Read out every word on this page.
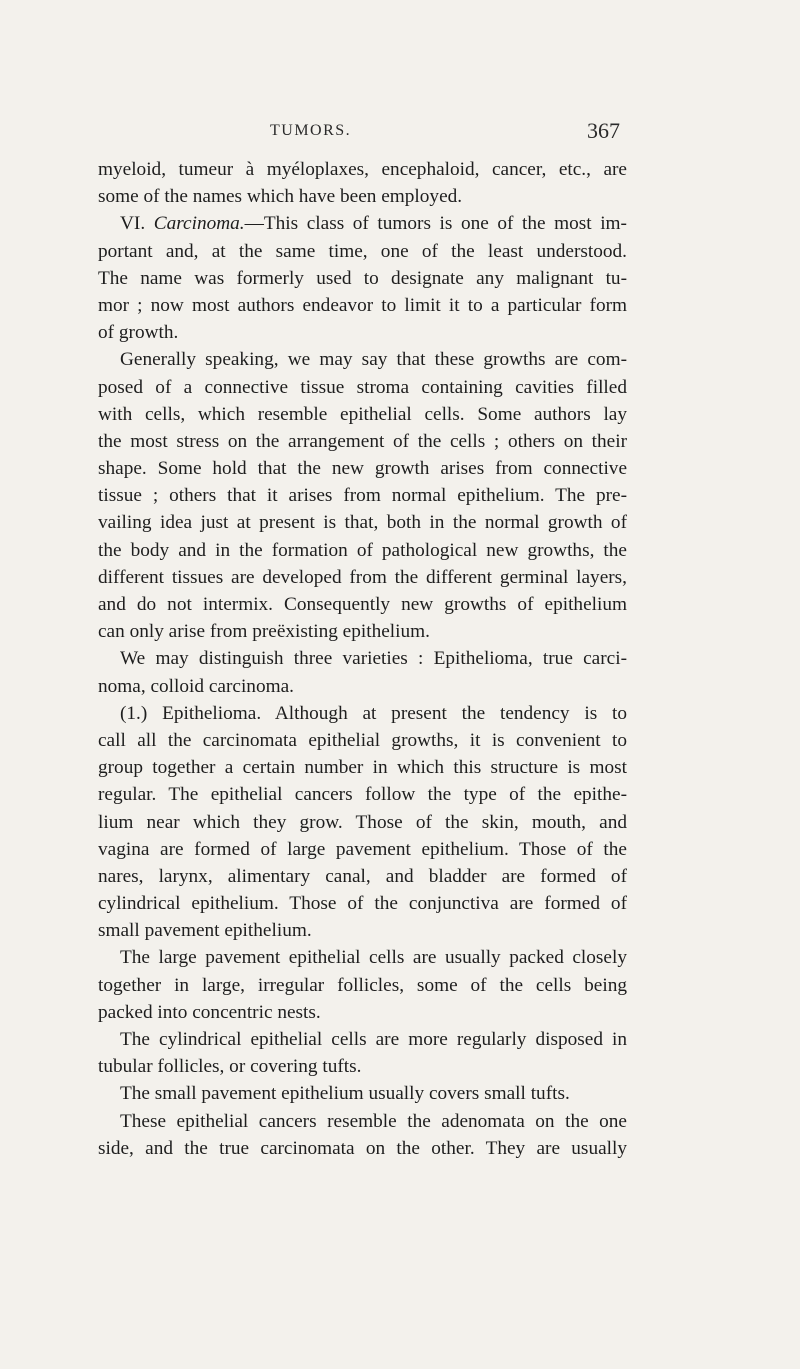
TUMORS.	367
myeloid, tumeur à myéloplaxes, encephaloid, cancer, etc., are
some of the names which have been employed.
VI. Carcinoma.—This class of tumors is one of the most im-
portant and, at the same time, one of the least understood.
The name was formerly used to designate any malignant tu-
mor ; now most authors endeavor to limit it to a particular form
of growth.
Generally speaking, we may say that these growths are com-
posed of a connective tissue stroma containing cavities filled
with cells, which resemble epithelial cells. Some authors lay
the most stress on the arrangement of the cells ; others on their
shape. Some hold that the new growth arises from connective
tissue ; others that it arises from normal epithelium. The pre-
vailing idea just at present is that, both in the normal growth of
the body and in the formation of pathological new growths, the
different tissues are developed from the different germinal layers,
and do not intermix. Consequently new growths of epithelium
can only arise from preëxisting epithelium.
We may distinguish three varieties : Epithelioma, true carci-
noma, colloid carcinoma.
(1.) Epithelioma. Although at present the tendency is to
call all the carcinomata epithelial growths, it is convenient to
group together a certain number in which this structure is most
regular. The epithelial cancers follow the type of the epithe-
lium near which they grow. Those of the skin, mouth, and
vagina are formed of large pavement epithelium. Those of the
nares, larynx, alimentary canal, and bladder are formed of
cylindrical epithelium. Those of the conjunctiva are formed of
small pavement epithelium.
The large pavement epithelial cells are usually packed closely
together in large, irregular follicles, some of the cells being
packed into concentric nests.
The cylindrical epithelial cells are more regularly disposed in
tubular follicles, or covering tufts.
The small pavement epithelium usually covers small tufts.
These epithelial cancers resemble the adenomata on the one
side, and the true carcinomata on the other. They are usually
